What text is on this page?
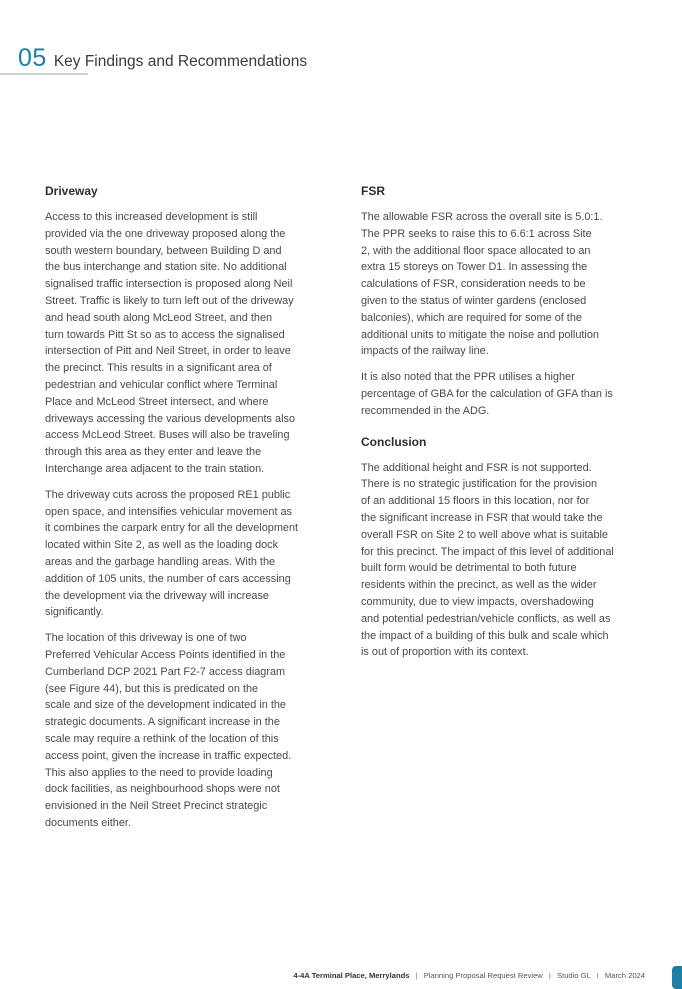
05 Key Findings and Recommendations
Driveway

Access to this increased development is still
provided via the one driveway proposed along the
south western boundary, between Building D and
the bus interchange and station site. No additional
signalised traffic intersection is proposed along Neil
Street. Traffic is likely to turn left out of the driveway
and head south along McLeod Street, and then
turn towards Pitt St so as to access the signalised
intersection of Pitt and Neil Street, in order to leave
the precinct. This results in a significant area of
pedestrian and vehicular conflict where Terminal
Place and McLeod Street intersect, and where
driveways accessing the various developments also
access McLeod Street. Buses will also be traveling
through this area as they enter and leave the
Interchange area adjacent to the train station.

The driveway cuts across the proposed RE1 public
open space, and intensifies vehicular movement as
it combines the carpark entry for all the development
located within Site 2, as well as the loading dock
areas and the garbage handling areas. With the
addition of 105 units, the number of cars accessing
the development via the driveway will increase
significantly.

The location of this driveway is one of two
Preferred Vehicular Access Points identified in the
Cumberland DCP 2021 Part F2-7 access diagram
(see Figure 44), but this is predicated on the
scale and size of the development indicated in the
strategic documents. A significant increase in the
scale may require a rethink of the location of this
access point, given the increase in traffic expected.
This also applies to the need to provide loading
dock facilities, as neighbourhood shops were not
envisioned in the Neil Street Precinct strategic
documents either.

FSR

The allowable FSR across the overall site is 5.0:1.
The PPR seeks to raise this to 6.6:1 across Site
2, with the additional floor space allocated to an
extra 15 storeys on Tower D1. In assessing the
calculations of FSR, consideration needs to be
given to the status of winter gardens (enclosed
balconies), which are required for some of the
additional units to mitigate the noise and pollution
impacts of the railway line.

It is also noted that the PPR utilises a higher
percentage of GBA for the calculation of GFA than is
recommended in the ADG.

Conclusion

The additional height and FSR is not supported.
There is no strategic justification for the provision
of an additional 15 floors in this location, nor for
the significant increase in FSR that would take the
overall FSR on Site 2 to well above what is suitable
for this precinct. The impact of this level of additional
built form would be detrimental to both future
residents within the precinct, as well as the wider
community, due to view impacts, overshadowing
and potential pedestrian/vehicle conflicts, as well as
the impact of a building of this bulk and scale which
is out of proportion with its context.

4-4A Terminal Place, Merrylands | Planning Proposal Request Review | Studio GL I March 2024
